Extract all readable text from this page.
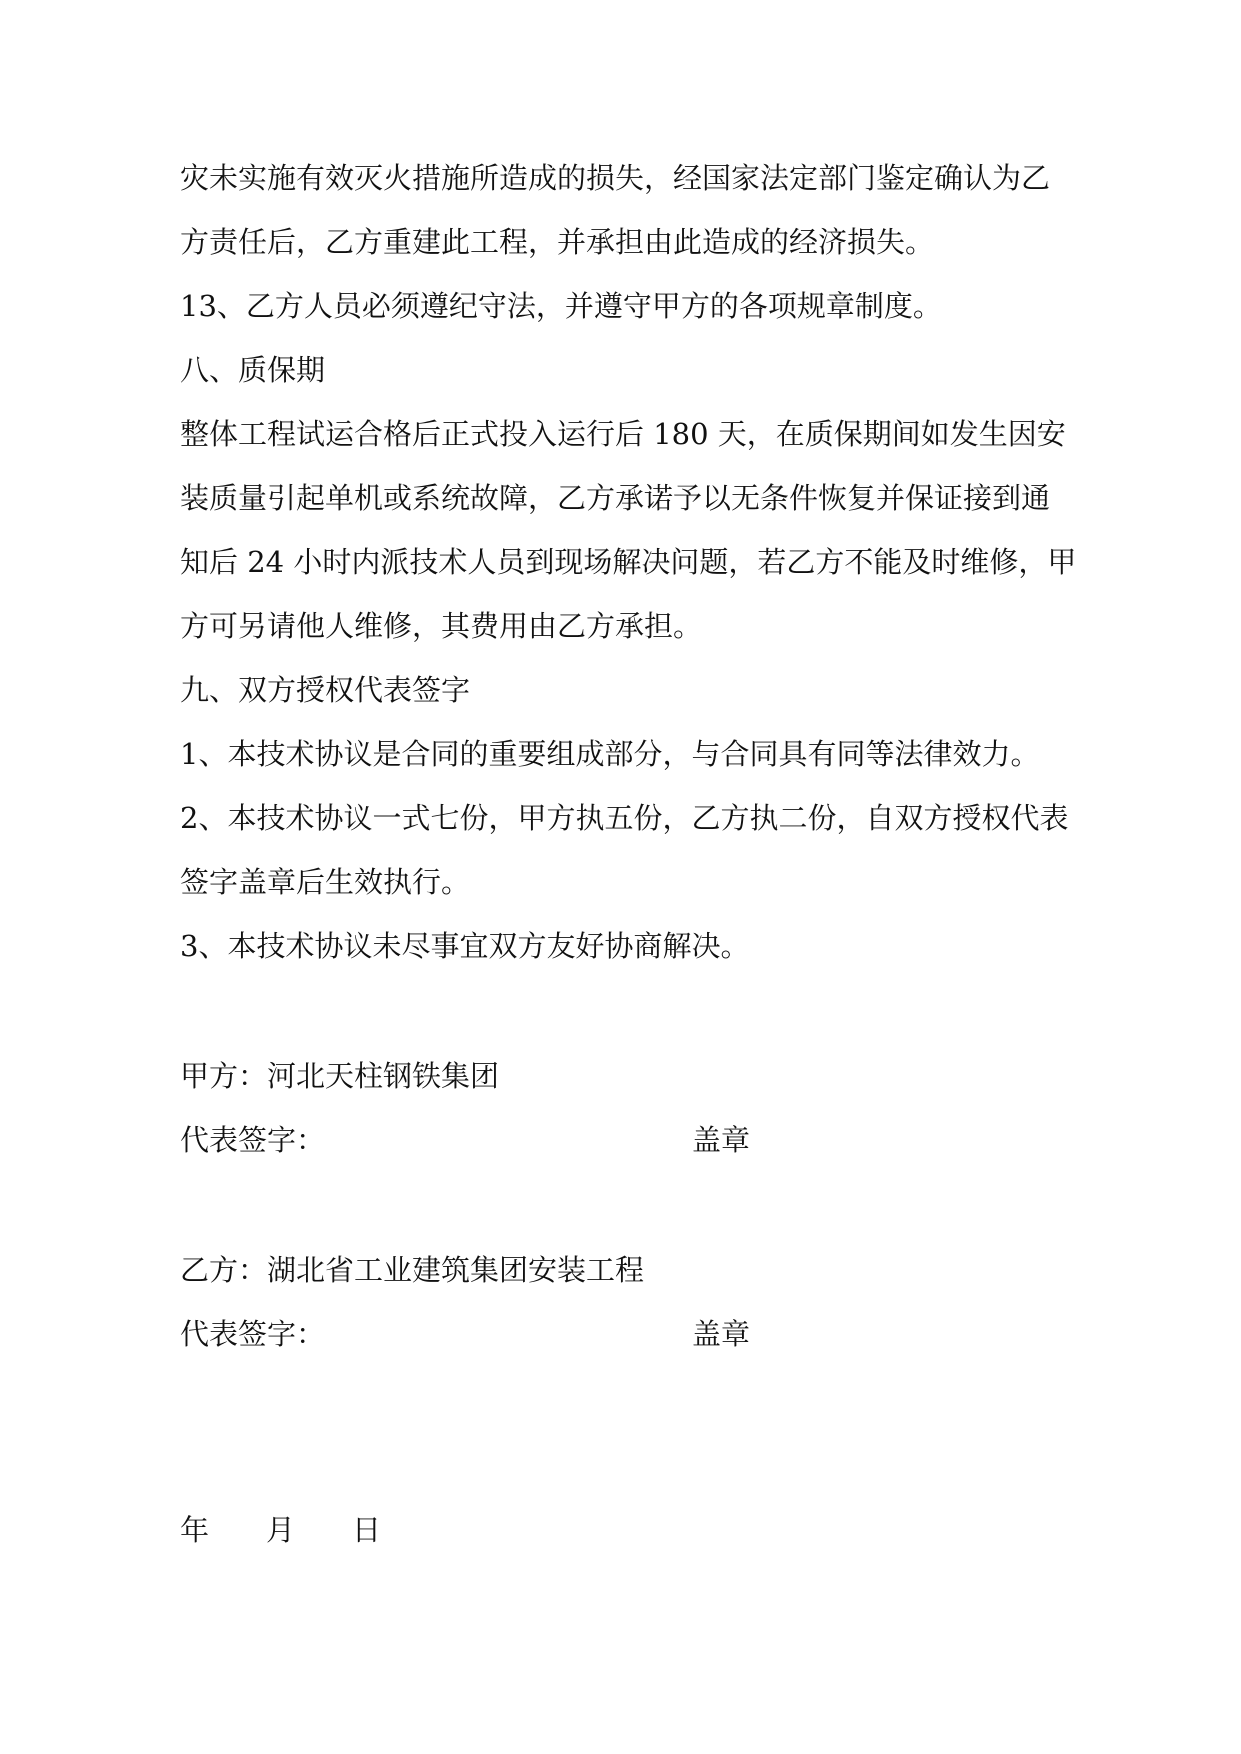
灾未实施有效灭火措施所造成的损失，经国家法定部门鉴定确认为乙
方责任后，乙方重建此工程，并承担由此造成的经济损失。
13、乙方人员必须遵纪守法，并遵守甲方的各项规章制度。
八、质保期
整体工程试运合格后正式投入运行后 180 天，在质保期间如发生因安
装质量引起单机或系统故障，乙方承诺予以无条件恢复并保证接到通
知后 24 小时内派技术人员到现场解决问题，若乙方不能及时维修，甲
方可另请他人维修，其费用由乙方承担。
九、双方授权代表签字
1、本技术协议是合同的重要组成部分，与合同具有同等法律效力。
2、本技术协议一式七份，甲方执五份，乙方执二份，自双方授权代表
签字盖章后生效执行。
3、本技术协议未尽事宜双方友好协商解决。
甲方：河北天柱钢铁集团
代表签字：	盖章
乙方：湖北省工业建筑集团安装工程
代表签字：	盖章
年 月 日
